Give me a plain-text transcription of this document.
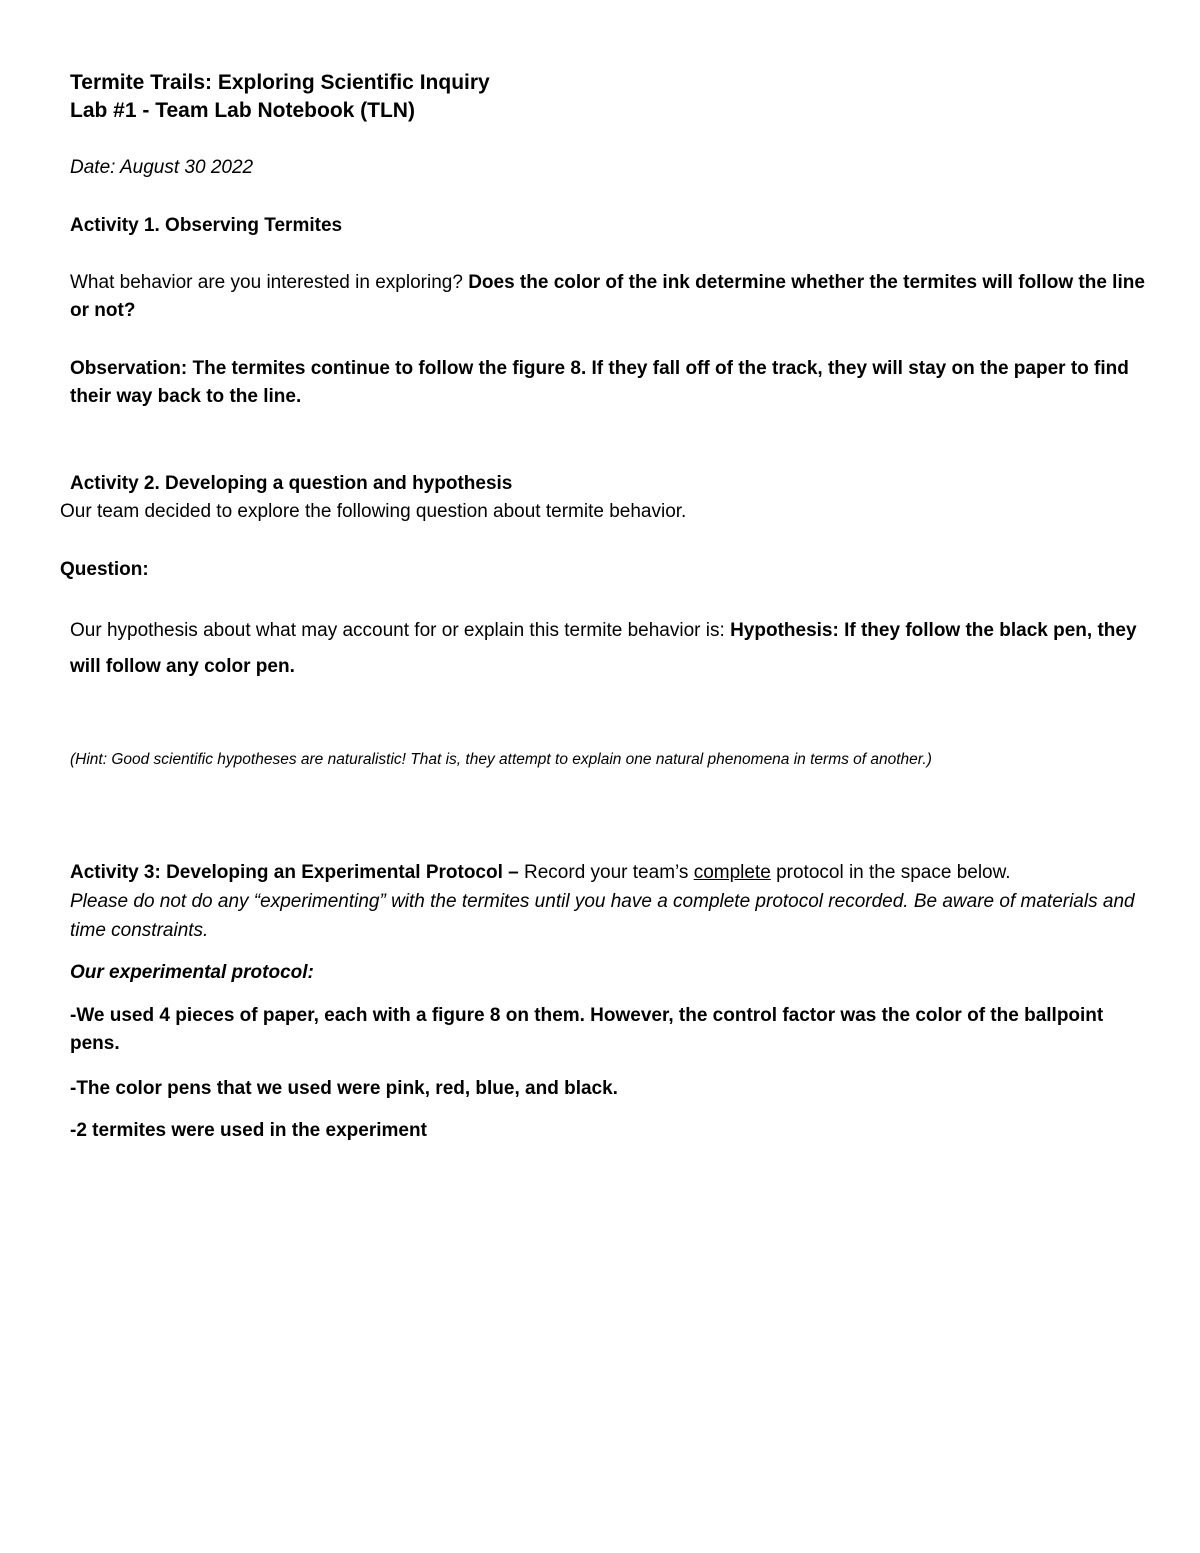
Termite Trails: Exploring Scientific Inquiry

Lab #1 - Team Lab Notebook (TLN)

Date: August 30 2022

Activity 1. Observing Termites

What behavior are you interested in exploring? Does the color of the ink determine whether the termites will follow the line or not?

Observation: The termites continue to follow the figure 8. If they fall off of the track, they will stay on the paper to find their way back to the line.

Activity 2. Developing a question and hypothesis

Our team decided to explore the following question about termite behavior.

Question:

Our hypothesis about what may account for or explain this termite behavior is: Hypothesis: If they follow the black pen, they will follow any color pen.

(Hint: Good scientific hypotheses are naturalistic! That is, they attempt to explain one natural phenomena in terms of another.)

Activity 3: Developing an Experimental Protocol – Record your team’s complete protocol in the space below.
Please do not do any “experimenting” with the termites until you have a complete protocol recorded. Be aware of materials and time constraints.

Our experimental protocol:

-We used 4 pieces of paper, each with a figure 8 on them. However, the control factor was the color of the ballpoint pens.

-The color pens that we used were pink, red, blue, and black.

-2 termites were used in the experiment
